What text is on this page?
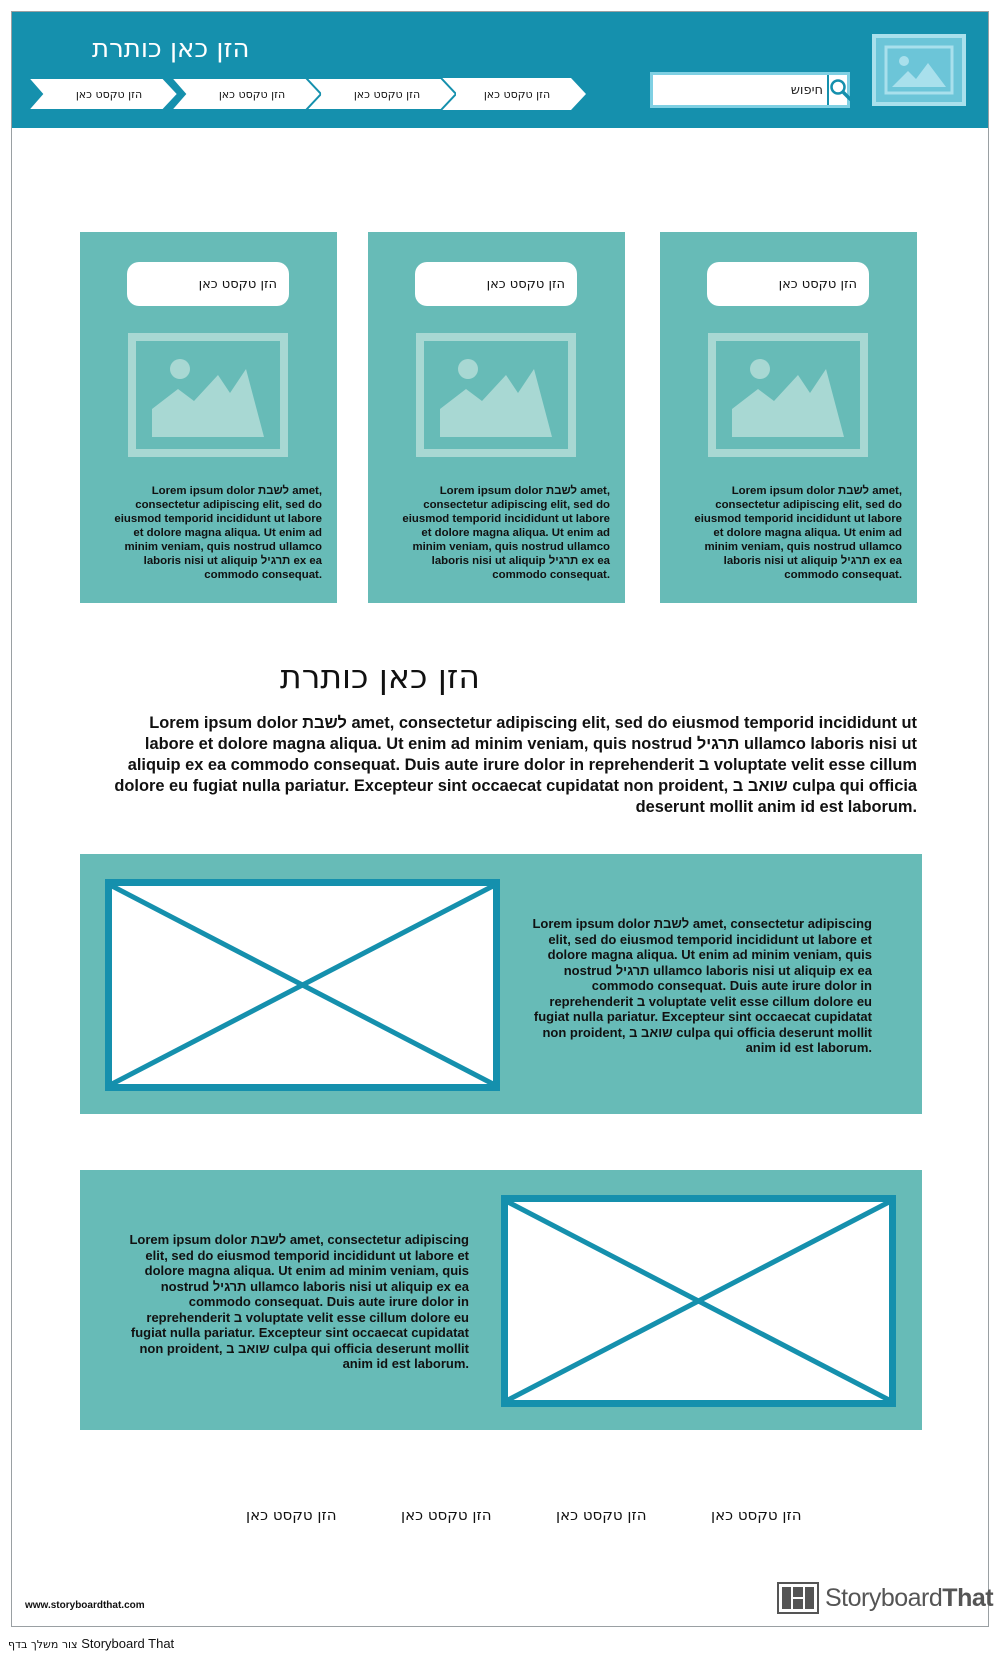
הזן כאן כותרת
הזן טקסט כאן
הזן טקסט כאן
הזן טקסט כאן
הזן טקסט כאן
חיפוש
הזן טקסט כאן
Lorem ipsum dolor לשבת amet, consectetur adipiscing elit, sed do eiusmod temporid incididunt ut labore et dolore magna aliqua. Ut enim ad minim veniam, quis nostrud ullamco laboris nisi ut aliquip תרגיל ex ea commodo consequat.
הזן טקסט כאן
Lorem ipsum dolor לשבת amet, consectetur adipiscing elit, sed do eiusmod temporid incididunt ut labore et dolore magna aliqua. Ut enim ad minim veniam, quis nostrud ullamco laboris nisi ut aliquip תרגיל ex ea commodo consequat.
הזן טקסט כאן
Lorem ipsum dolor לשבת amet, consectetur adipiscing elit, sed do eiusmod temporid incididunt ut labore et dolore magna aliqua. Ut enim ad minim veniam, quis nostrud ullamco laboris nisi ut aliquip תרגיל ex ea commodo consequat.
הזן כאן כותרת
Lorem ipsum dolor לשבת amet, consectetur adipiscing elit, sed do eiusmod temporid incididunt ut labore et dolore magna aliqua. Ut enim ad minim veniam, quis nostrud תרגיל ullamco laboris nisi ut aliquip ex ea commodo consequat. Duis aute irure dolor in reprehenderit ב voluptate velit esse cillum dolore eu fugiat nulla pariatur. Excepteur sint occaecat cupidatat non proident, שואב ב culpa qui officia deserunt mollit anim id est laborum.
Lorem ipsum dolor לשבת amet, consectetur adipiscing elit, sed do eiusmod temporid incididunt ut labore et dolore magna aliqua. Ut enim ad minim veniam, quis nostrud תרגיל ullamco laboris nisi ut aliquip ex ea commodo consequat. Duis aute irure dolor in reprehenderit ב voluptate velit esse cillum dolore eu fugiat nulla pariatur. Excepteur sint occaecat cupidatat non proident, שואב ב culpa qui officia deserunt mollit anim id est laborum.
Lorem ipsum dolor לשבת amet, consectetur adipiscing elit, sed do eiusmod temporid incididunt ut labore et dolore magna aliqua. Ut enim ad minim veniam, quis nostrud תרגיל ullamco laboris nisi ut aliquip ex ea commodo consequat. Duis aute irure dolor in reprehenderit ב voluptate velit esse cillum dolore eu fugiat nulla pariatur. Excepteur sint occaecat cupidatat non proident, שואב ב culpa qui officia deserunt mollit anim id est laborum.
הזן טקסט כאן
הזן טקסט כאן
הזן טקסט כאן
הזן טקסט כאן
www.storyboardthat.com	StoryboardThat
צור משלך בדף Storyboard That
